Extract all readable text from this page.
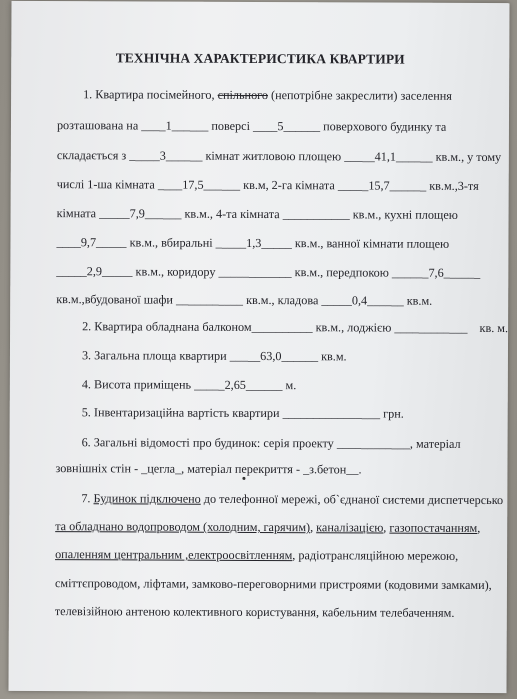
ТЕХНІЧНА ХАРАКТЕРИСТИКА КВАРТИРИ
1. Квартира посімейного, спільного (непотрібне закреслити) заселення
розташована на ____1______ поверсі ____5______ поверхового будинку та
складається з _____3______ кімнат житловою площею _____41,1______ кв.м., у тому
числі 1-ша кімната ____17,5______ кв.м, 2-га кімната _____15,7______ кв.м.,3-тя
кімната _____7,9______ кв.м., 4-та кімната ___________ кв.м., кухні площею
____9,7_____ кв.м., вбиральні _____1,3_____ кв.м., ванної кімнати площею
_____2,9_____ кв.м., коридору ____________ кв.м., передпокою ______7,6______
кв.м.,вбудованої шафи ___________ кв.м., кладова _____0,4______ кв.м.
2. Квартира обладнана балконом__________ кв.м., лоджією ____________ кв. м.
3. Загальна площа квартири _____63,0______ кв.м.
4. Висота приміщень _____2,65______ м.
5. Інвентаризаційна вартість квартири ________________ грн.
6. Загальні відомості про будинок: серія проекту ____________, матеріал
зовнішніх стін - _цегла_, матеріал перекриття - _з.бетон__.
7. Будинок підключено до телефонної мережі, об`єднаної системи диспетчерсько
та обладнано водопроводом (холодним, гарячим), каналізацією, газопостачанням,
опаленням центральним ,електроосвітленням, радіотрансляційною мережою,
сміттєпроводом, ліфтами, замково-переговорними пристроями (кодовими замками),
телевізійною антеною колективного користування, кабельним телебаченням.
